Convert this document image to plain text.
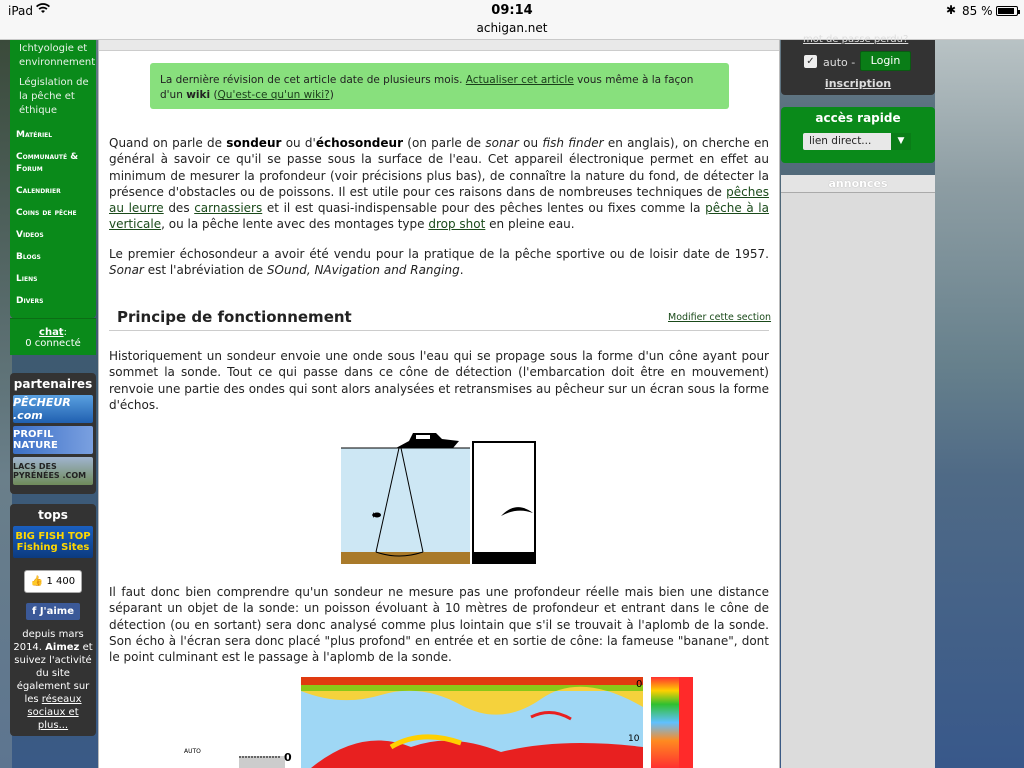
iPad	09:14
achigan.net
✱ 85 %
Ichtyologie et environnement
Législation de la pêche et éthique
Matériel
Communauté & Forum
Calendrier
Coins de pêche
Videos
Blogs
Liens
Divers
chat:
0 connecté
partenaires
PÊCHEUR .com
PROFIL NATURE
LACS DES PYRÉNÉES .COM
tops
BIG FISH TOP Fishing Sites
👍 1 400
f J'aime
depuis mars 2014. Aimez et suivez l'activité du site également sur les réseaux sociaux et plus...
La dernière révision de cet article date de plusieurs mois. Actualiser cet article vous même à la façon d'un wiki (Qu'est-ce qu'un wiki?)

Quand on parle de sondeur ou d'échosondeur (on parle de sonar ou fish finder en anglais), on cherche en général à savoir ce qu'il se passe sous la surface de l'eau. Cet appareil électronique permet en effet au minimum de mesurer la profondeur (voir précisions plus bas), de connaître la nature du fond, de détecter la présence d'obstacles ou de poissons. Il est utile pour ces raisons dans de nombreuses techniques de pêches au leurre des carnassiers et il est quasi-indispensable pour des pêches lentes ou fixes comme la pêche à la verticale, ou la pêche lente avec des montages type drop shot en pleine eau.

Le premier échosondeur a avoir été vendu pour la pratique de la pêche sportive ou de loisir date de 1957. Sonar est l'abréviation de SOund, NAvigation and Ranging.

Principe de fonctionnement	Modifier cette section

Historiquement un sondeur envoie une onde sous l'eau qui se propage sous la forme d'un cône ayant pour sommet la sonde. Tout ce qui passe dans ce cône de détection (l'embarcation doit être en mouvement) renvoie une partie des ondes qui sont alors analysées et retransmises au pêcheur sur un écran sous la forme d'échos.

Il faut donc bien comprendre qu'un sondeur ne mesure pas une profondeur réelle mais bien une distance séparant un objet de la sonde: un poisson évoluant à 10 mètres de profondeur et entrant dans le cône de détection (ou en sortant) sera donc analysé comme plus lointain que s'il se trouvait à l'aplomb de la sonde. Son écho à l'écran sera donc placé "plus profond" en entrée et en sortie de cône: la fameuse "banane", dont le point culminant est le passage à l'aplomb de la sonde.

0
10
AUTO	0
mot de passe perdu?
✓ auto -	Login
inscription
accès rapide
lien direct...	▼
annonces
